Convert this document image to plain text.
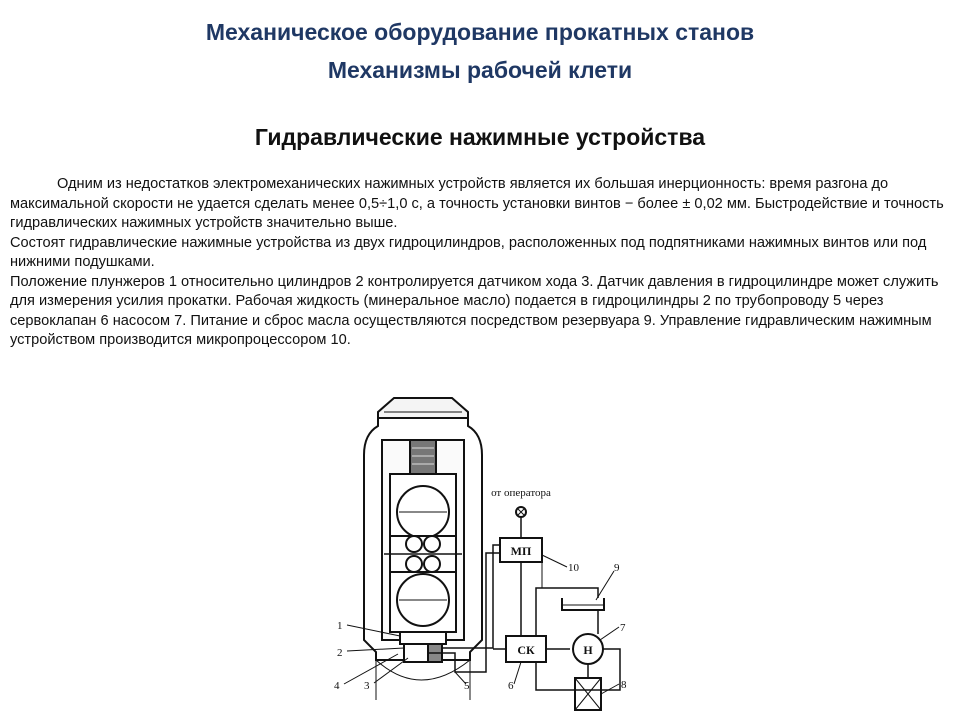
Механическое оборудование прокатных станов
Механизмы рабочей клети
Гидравлические нажимные устройства

Одним из недостатков электромеханических нажимных устройств является их большая инерционность: время разгона до максимальной скорости не удается сделать менее 0,5÷1,0 с, а точность установки винтов − более ± 0,02 мм. Быстродействие и точность гидравлических нажимных устройств значительно выше.

Состоят гидравлические нажимные устройства из двух гидроцилиндров, расположенных под подпятниками нажимных винтов или под нижними подушками.

Положение плунжеров 1 относительно цилиндров 2 контролируется датчиком хода 3. Датчик давления в гидроцилиндре может служить для измерения усилия прокатки. Рабочая жидкость (минеральное масло) подается в гидроцилиндры 2 по трубопроводу 5 через сервоклапан 6 насосом 7. Питание и сброс масла осуществляются посредством резервуара 9. Управление гидравлическим нажимным устройством производится микропроцессором 10.

от оператора
МП
СК	Н
1
2
3
4	5	6
7
8
9
10
